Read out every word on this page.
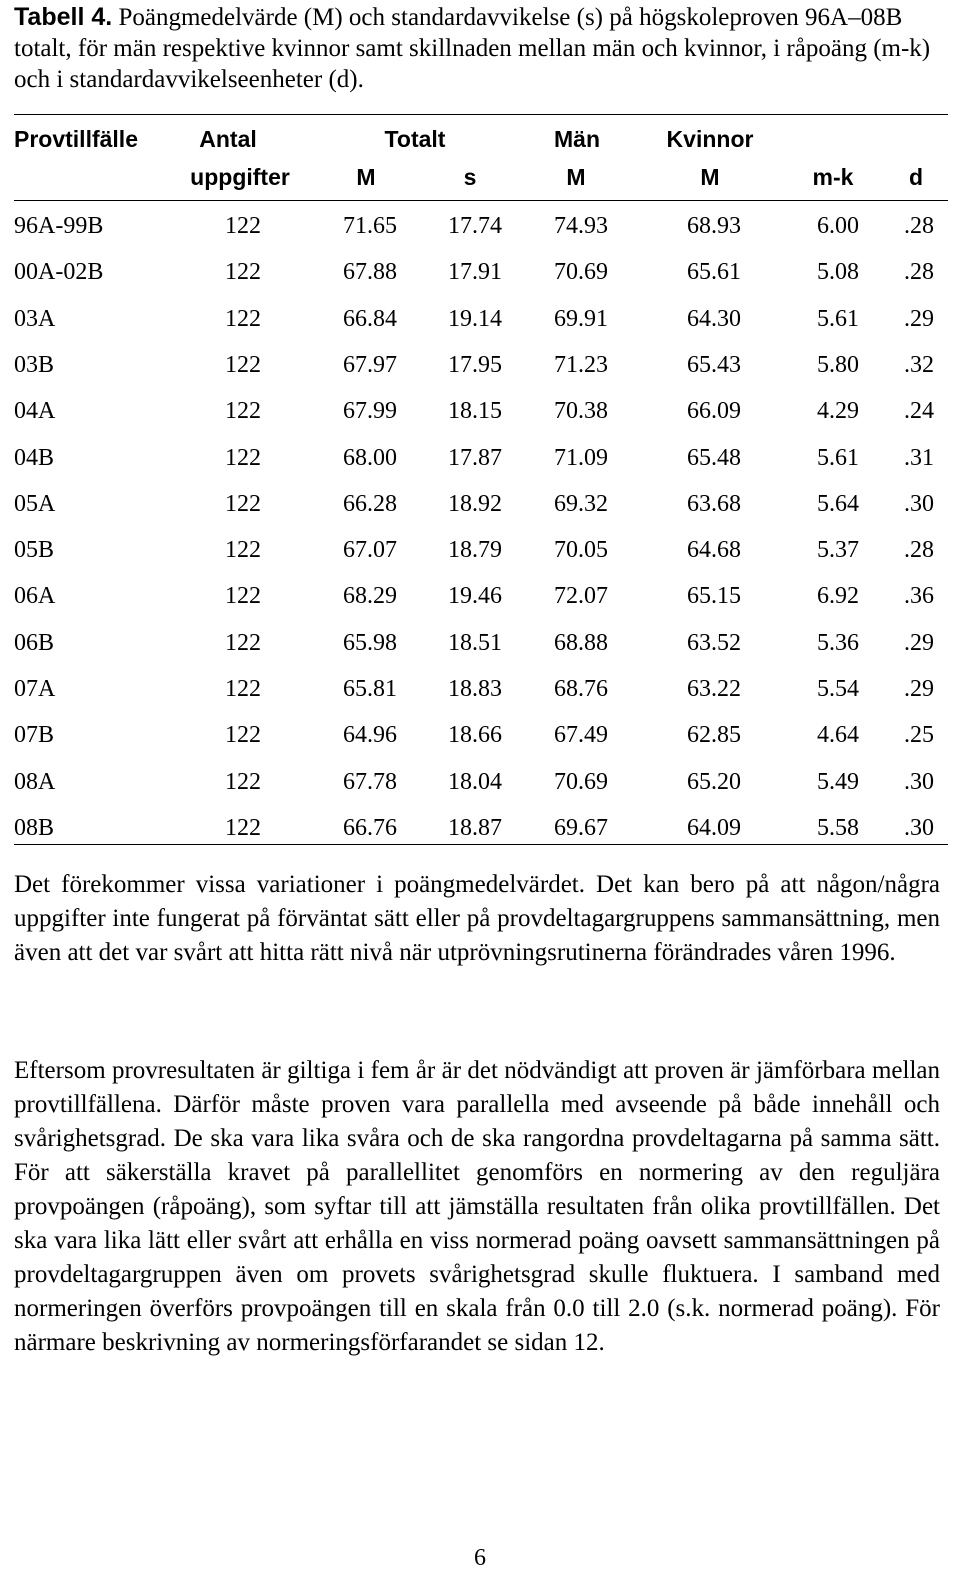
Tabell 4. Poängmedelvärde (M) och standardavvikelse (s) på högskoleproven 96A–08B totalt, för män respektive kvinnor samt skillnaden mellan män och kvinnor, i råpoäng (m-k) och i standardavvikelseenheter (d).
Provtillfälle	Antal	Totalt	Män	Kvinnor
uppgifter	M	s	M	M	m-k d
96A-99B	122	71.65 17.74 74.93	68.93	6.00 .28
00A-02B	122	67.88 17.91 70.69	65.61	5.08 .28
03A	122	66.84 19.14 69.91	64.30	5.61 .29
03B	122	67.97 17.95 71.23	65.43	5.80 .32
04A	122	67.99 18.15 70.38	66.09	4.29 .24
04B	122	68.00 17.87 71.09	65.48	5.61 .31
05A	122	66.28 18.92 69.32	63.68	5.64 .30
05B	122	67.07 18.79 70.05	64.68	5.37 .28
06A	122	68.29 19.46 72.07	65.15	6.92 .36
06B	122	65.98 18.51 68.88	63.52	5.36 .29
07A	122	65.81 18.83 68.76	63.22	5.54 .29
07B	122	64.96 18.66 67.49	62.85	4.64 .25
08A	122	67.78 18.04 70.69	65.20	5.49 .30
08B	122	66.76 18.87 69.67	64.09	5.58 .30

Det förekommer vissa variationer i poängmedelvärdet. Det kan bero på att någon/några uppgifter inte fungerat på förväntat sätt eller på provdeltagargruppens sammansättning, men även att det var svårt att hitta rätt nivå när utprövningsrutinerna förändrades våren 1996.

Eftersom provresultaten är giltiga i fem år är det nödvändigt att proven är jämförbara mellan provtillfällena. Därför måste proven vara parallella med avseende på både innehåll och svårighetsgrad. De ska vara lika svåra och de ska rangordna provdeltagarna på samma sätt. För att säkerställa kravet på parallellitet genomförs en normering av den reguljära provpoängen (råpoäng), som syftar till att jämställa resultaten från olika provtillfällen. Det ska vara lika lätt eller svårt att erhålla en viss normerad poäng oavsett sammansättningen på provdeltagargruppen även om provets svårighetsgrad skulle fluktuera. I samband med normeringen överförs provpoängen till en skala från 0.0 till 2.0 (s.k. normerad poäng). För närmare beskrivning av normeringsförfarandet se sidan 12.

6
